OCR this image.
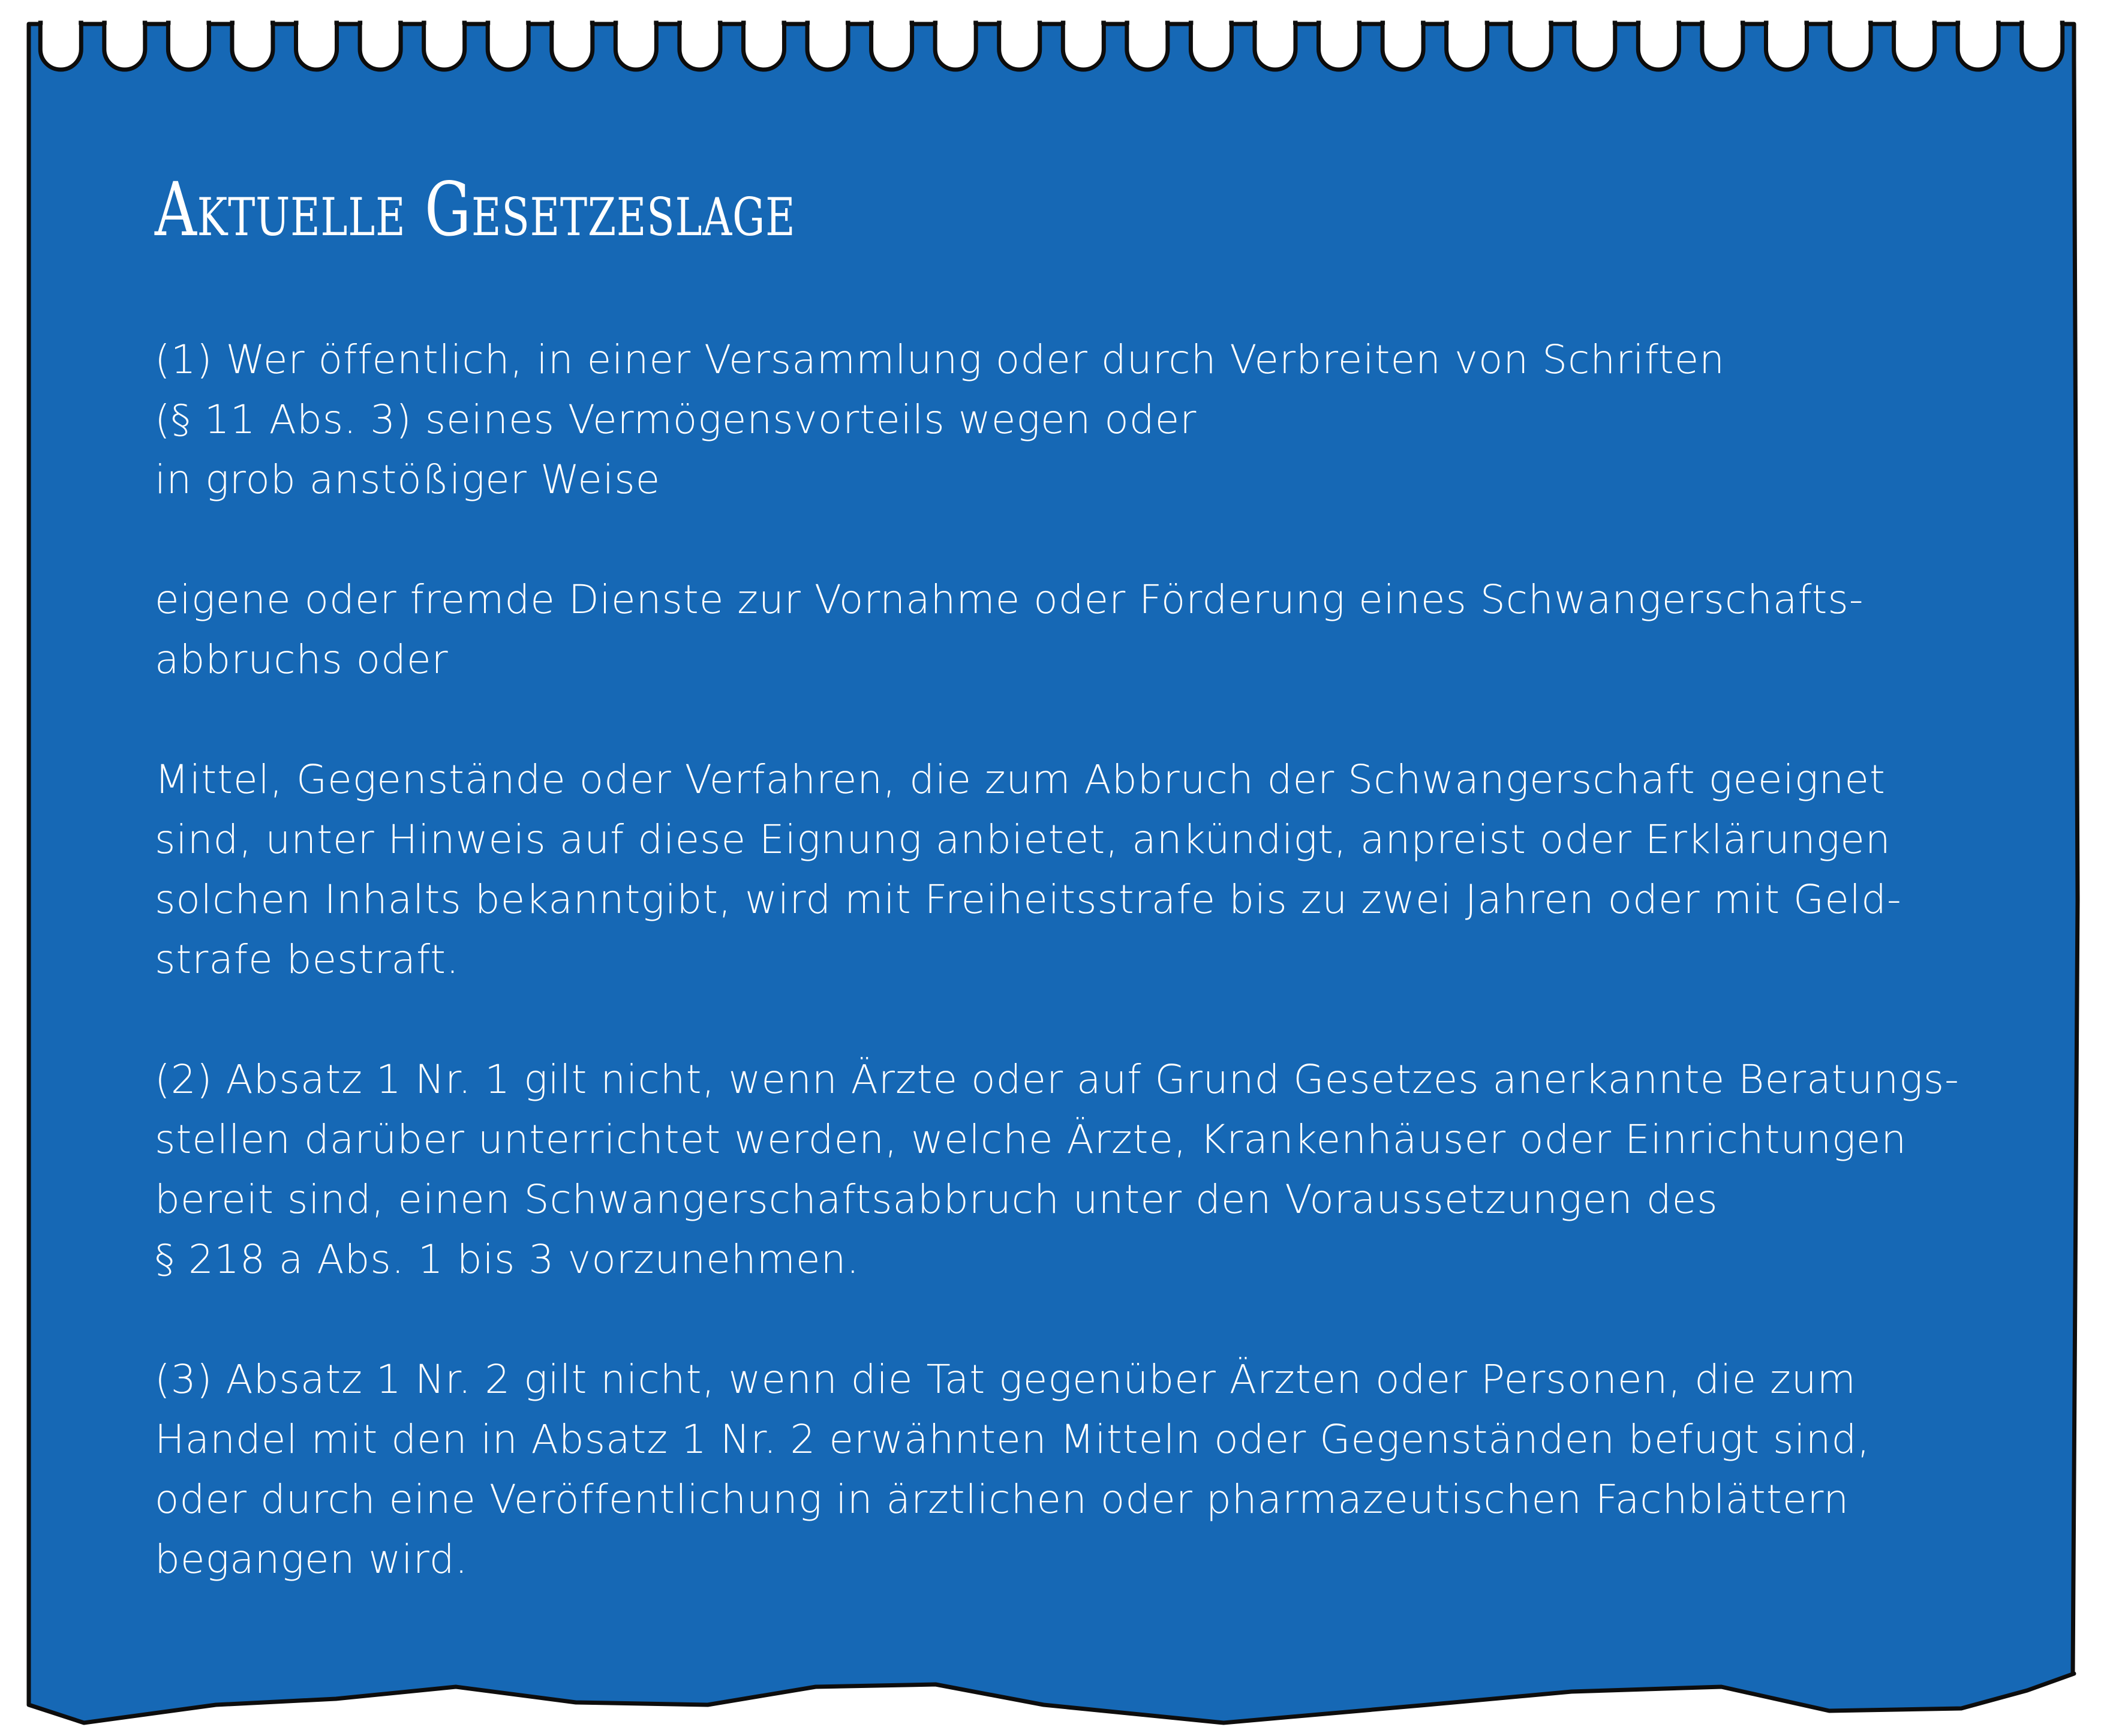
Aktuelle Gesetzeslage
(1) Wer öffentlich, in einer Versammlung oder durch Verbreiten von Schriften
(§ 11 Abs. 3) seines Vermögensvorteils wegen oder
in grob anstößiger Weise
eigene oder fremde Dienste zur Vornahme oder Förderung eines Schwangerschafts-
abbruchs oder
Mittel, Gegenstände oder Verfahren, die zum Abbruch der Schwangerschaft geeignet
sind, unter Hinweis auf diese Eignung anbietet, ankündigt, anpreist oder Erklärungen
solchen Inhalts bekanntgibt, wird mit Freiheitsstrafe bis zu zwei Jahren oder mit Geld-
strafe bestraft.
(2) Absatz 1 Nr. 1 gilt nicht, wenn Ärzte oder auf Grund Gesetzes anerkannte Beratungs-
stellen darüber unterrichtet werden, welche Ärzte, Krankenhäuser oder Einrichtungen
bereit sind, einen Schwangerschaftsabbruch unter den Voraussetzungen des
§ 218 a Abs. 1 bis 3 vorzunehmen.
(3) Absatz 1 Nr. 2 gilt nicht, wenn die Tat gegenüber Ärzten oder Personen, die zum
Handel mit den in Absatz 1 Nr. 2 erwähnten Mitteln oder Gegenständen befugt sind,
oder durch eine Veröffentlichung in ärztlichen oder pharmazeutischen Fachblättern
begangen wird.
